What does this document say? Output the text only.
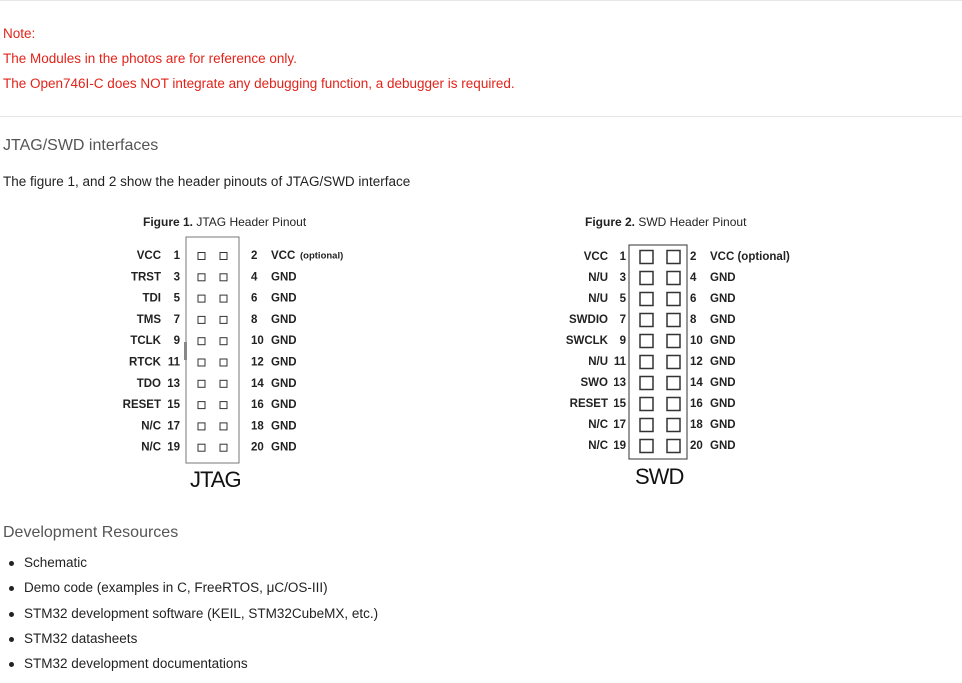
Note:
The Modules in the photos are for reference only.
The Open746I-C does NOT integrate any debugging function, a debugger is required.
JTAG/SWD interfaces
The figure 1, and 2 show the header pinouts of JTAG/SWD interface
Figure 1. JTAG Header Pinout
VCC 1
TRST 3
TDI 5
TMS 7
TCLK 9
RTCK 11
TDO 13
RESET 15
N/C 17
N/C 19
2 VCC (optional)
4 GND
6 GND
8 GND
10 GND
12 GND
14 GND
16 GND
18 GND
20 GND
JTAG
Figure 2. SWD Header Pinout
VCC 1
N/U 3
N/U 5
SWDIO 7
SWCLK 9
N/U 11
SWO 13
RESET 15
N/C 17
N/C 19
2 VCC (optional)
4 GND
6 GND
8 GND
10 GND
12 GND
14 GND
16 GND
18 GND
20 GND
SWD
Development Resources
Schematic
Demo code (examples in C, FreeRTOS, μC/OS-III)
STM32 development software (KEIL, STM32CubeMX, etc.)
STM32 datasheets
STM32 development documentations
